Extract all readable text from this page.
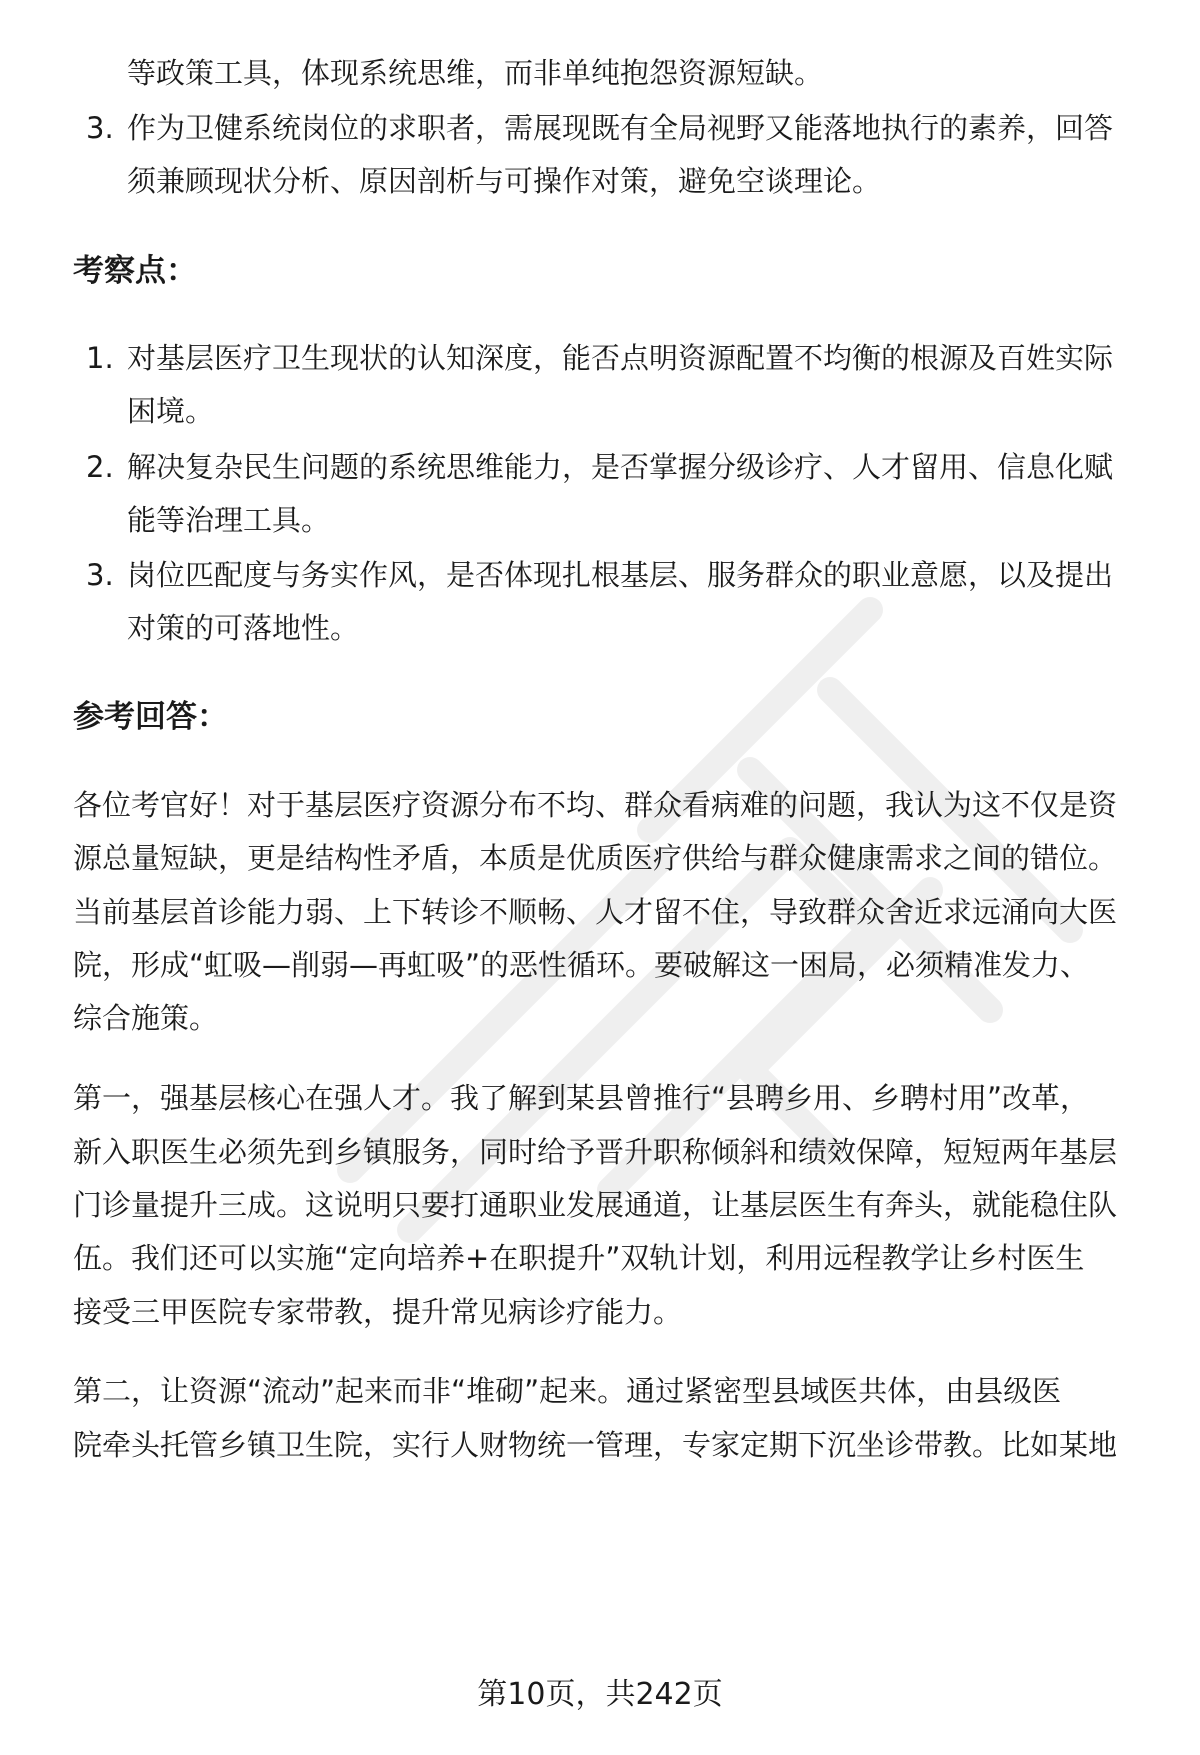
等政策工具，体现系统思维，而非单纯抱怨资源短缺。
3. 作为卫健系统岗位的求职者，需展现既有全局视野又能落地执行的素养，回答
须兼顾现状分析、原因剖析与可操作对策，避免空谈理论。
考察点：
1. 对基层医疗卫生现状的认知深度，能否点明资源配置不均衡的根源及百姓实际
困境。
2. 解决复杂民生问题的系统思维能力，是否掌握分级诊疗、人才留用、信息化赋
能等治理工具。
3. 岗位匹配度与务实作风，是否体现扎根基层、服务群众的职业意愿，以及提出
对策的可落地性。
参考回答：
各位考官好！对于基层医疗资源分布不均、群众看病难的问题，我认为这不仅是资
源总量短缺，更是结构性矛盾，本质是优质医疗供给与群众健康需求之间的错位。
当前基层首诊能力弱、上下转诊不顺畅、人才留不住，导致群众舍近求远涌向大医
院，形成“虹吸—削弱—再虹吸”的恶性循环。要破解这一困局，必须精准发力、
综合施策。
第一，强基层核心在强人才。我了解到某县曾推行“县聘乡用、乡聘村用”改革，
新入职医生必须先到乡镇服务，同时给予晋升职称倾斜和绩效保障，短短两年基层
门诊量提升三成。这说明只要打通职业发展通道，让基层医生有奔头，就能稳住队
伍。我们还可以实施“定向培养+在职提升”双轨计划，利用远程教学让乡村医生
接受三甲医院专家带教，提升常见病诊疗能力。
第二，让资源“流动”起来而非“堆砌”起来。通过紧密型县域医共体，由县级医
院牵头托管乡镇卫生院，实行人财物统一管理，专家定期下沉坐诊带教。比如某地
第10页，共242页
